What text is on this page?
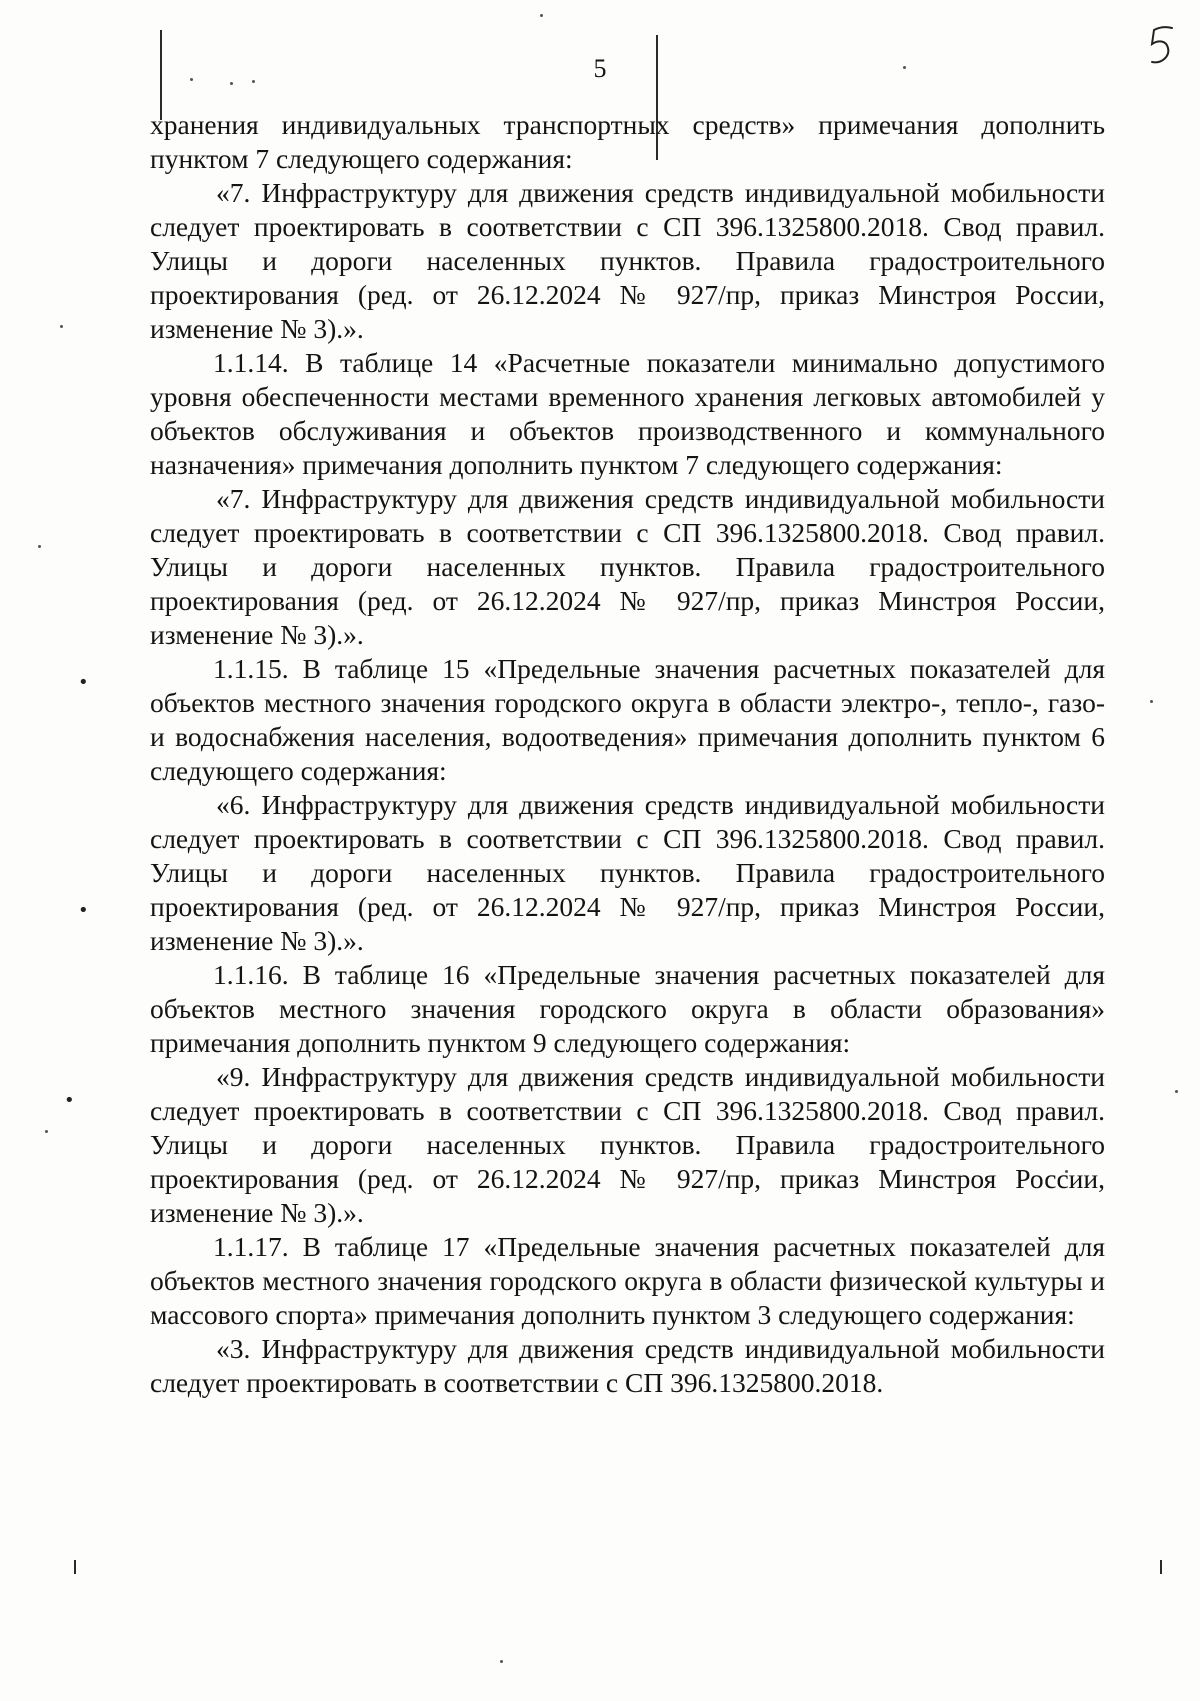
•
•
•
5

хранения индивидуальных транспортных средств» примечания дополнить пунктом 7 следующего содержания:

«7. Инфраструктуру для движения средств индивидуальной мобильности следует проектировать в соответствии с СП 396.1325800.2018. Свод правил. Улицы и дороги населенных пунктов. Правила градостроительного проектирования (ред. от 26.12.2024 № 927/пр, приказ Минстроя России, изменение № 3).».

1.1.14. В таблице 14 «Расчетные показатели минимально допустимого уровня обеспеченности местами временного хранения легковых автомобилей у объектов обслуживания и объектов производственного и коммунального назначения» примечания дополнить пунктом 7 следующего содержания:

«7. Инфраструктуру для движения средств индивидуальной мобильности следует проектировать в соответствии с СП 396.1325800.2018. Свод правил. Улицы и дороги населенных пунктов. Правила градостроительного проектирования (ред. от 26.12.2024 № 927/пр, приказ Минстроя России, изменение № 3).».

1.1.15. В таблице 15 «Предельные значения расчетных показателей для объектов местного значения городского округа в области электро-, тепло-, газо- и водоснабжения населения, водоотведения» примечания дополнить пунктом 6 следующего содержания:

«6. Инфраструктуру для движения средств индивидуальной мобильности следует проектировать в соответствии с СП 396.1325800.2018. Свод правил. Улицы и дороги населенных пунктов. Правила градостроительного проектирования (ред. от 26.12.2024 № 927/пр, приказ Минстроя России, изменение № 3).».

1.1.16. В таблице 16 «Предельные значения расчетных показателей для объектов местного значения городского округа в области образования» примечания дополнить пунктом 9 следующего содержания:

«9. Инфраструктуру для движения средств индивидуальной мобильности следует проектировать в соответствии с СП 396.1325800.2018. Свод правил. Улицы и дороги населенных пунктов. Правила градостроительного проектирования (ред. от 26.12.2024 № 927/пр, приказ Минстроя России, изменение № 3).».

1.1.17. В таблице 17 «Предельные значения расчетных показателей для объектов местного значения городского округа в области физической культуры и массового спорта» примечания дополнить пунктом 3 следующего содержания:

«3. Инфраструктуру для движения средств индивидуальной мобильности следует проектировать в соответствии с СП 396.1325800.2018.
